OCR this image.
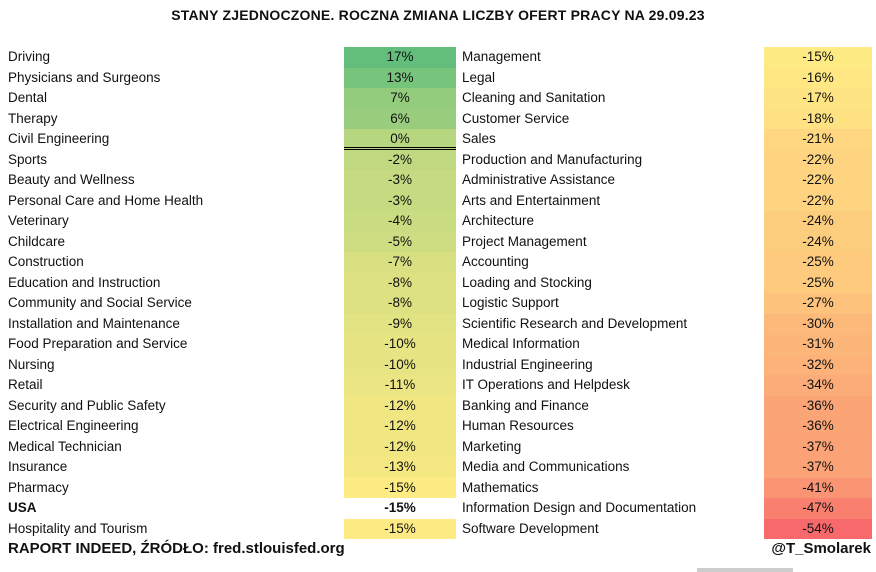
STANY ZJEDNOCZONE. ROCZNA ZMIANA LICZBY OFERT PRACY NA 29.09.23
Driving	17%
Physicians and Surgeons	13%
Dental	7%
Therapy	6%
Civil Engineering	0%
Sports	-2%
Beauty and Wellness	-3%
Personal Care and Home Health	-3%
Veterinary	-4%
Childcare	-5%
Construction	-7%
Education and Instruction	-8%
Community and Social Service	-8%
Installation and Maintenance	-9%
Food Preparation and Service	-10%
Nursing	-10%
Retail	-11%
Security and Public Safety	-12%
Electrical Engineering	-12%
Medical Technician	-12%
Insurance	-13%
Pharmacy	-15%
USA	-15%
Hospitality and Tourism	-15%
Management	-15%
Legal	-16%
Cleaning and Sanitation	-17%
Customer Service	-18%
Sales	-21%
Production and Manufacturing	-22%
Administrative Assistance	-22%
Arts and Entertainment	-22%
Architecture	-24%
Project Management	-24%
Accounting	-25%
Loading and Stocking	-25%
Logistic Support	-27%
Scientific Research and Development	-30%
Medical Information	-31%
Industrial Engineering	-32%
IT Operations and Helpdesk	-34%
Banking and Finance	-36%
Human Resources	-36%
Marketing	-37%
Media and Communications	-37%
Mathematics	-41%
Information Design and Documentation	-47%
Software Development	-54%
RAPORT INDEED, ŹRÓDŁO: fred.stlouisfed.org	@T_Smolarek
